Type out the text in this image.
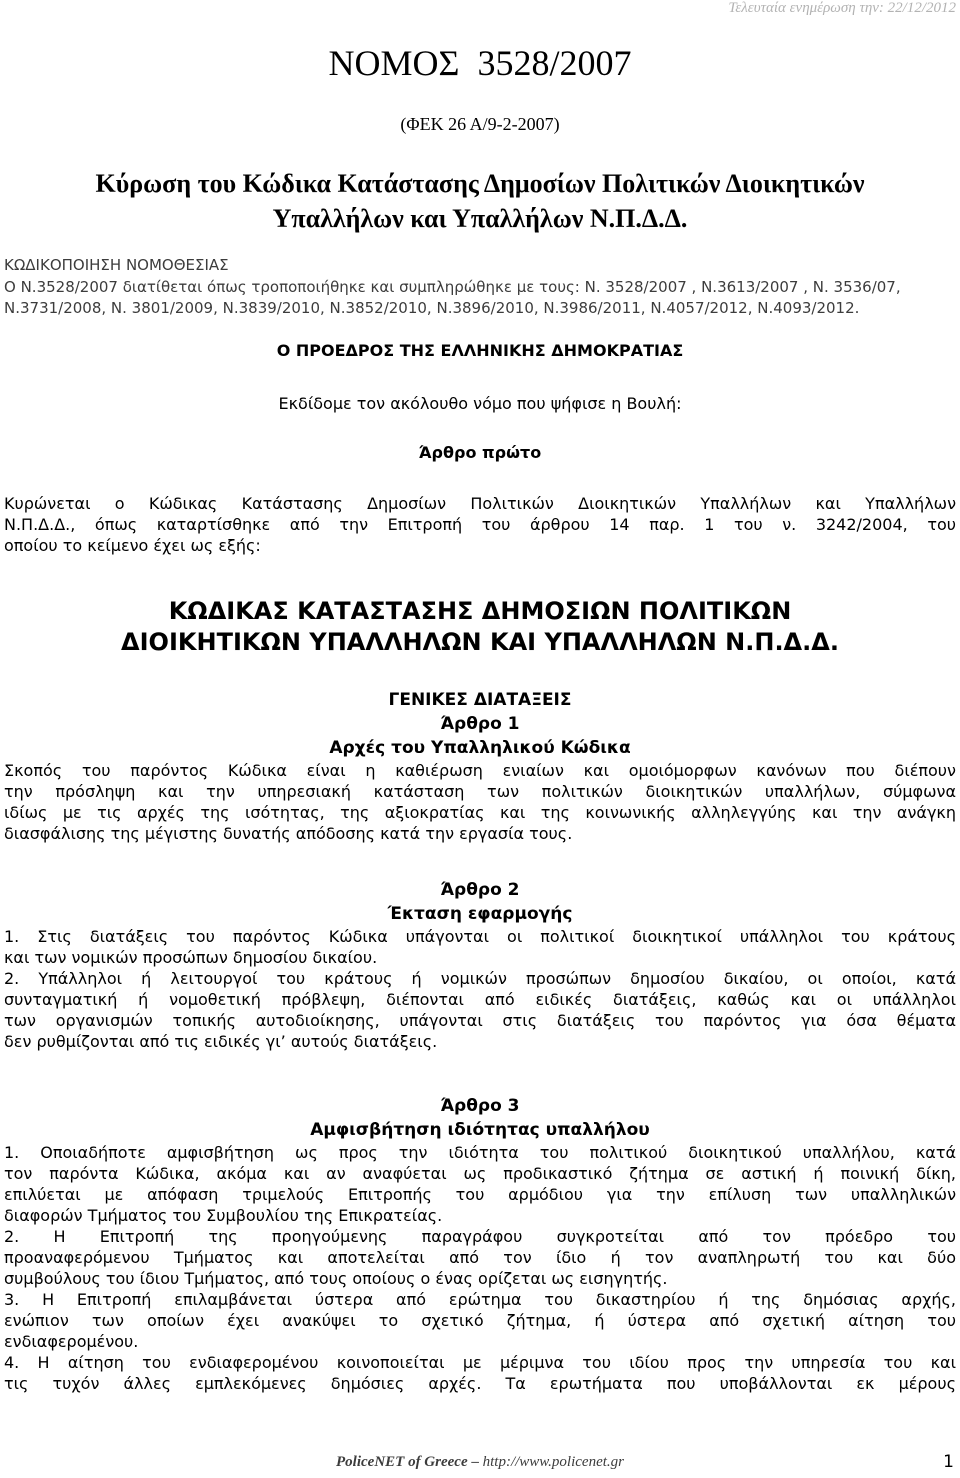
Τελευταία ενημέρωση την: 22/12/2012
ΝΟΜΟΣ  3528/2007
(ΦΕΚ 26 Α/9-2-2007)
Κύρωση του Κώδικα Κατάστασης Δημοσίων Πολιτικών Διοικητικών
Υπαλλήλων και Υπαλλήλων Ν.Π.Δ.Δ.
ΚΩΔΙΚΟΠΟΙΗΣΗ ΝΟΜΟΘΕΣΙΑΣ
Ο Ν.3528/2007 διατίθεται όπως τροποποιήθηκε και συμπληρώθηκε με τους: Ν. 3528/2007 , Ν.3613/2007 , Ν. 3536/07,
Ν.3731/2008, Ν. 3801/2009, Ν.3839/2010, Ν.3852/2010, Ν.3896/2010, Ν.3986/2011, Ν.4057/2012, Ν.4093/2012.
Ο ΠΡΟΕΔΡΟΣ ΤΗΣ ΕΛΛΗΝΙΚΗΣ ΔΗΜΟΚΡΑΤΙΑΣ
Εκδίδομε τον ακόλουθο νόμο που ψήφισε η Βουλή:
Άρθρο πρώτο
Κυρώνεται ο Κώδικας Κατάστασης Δημοσίων Πολιτικών Διοικητικών Υπαλλήλων και Υπαλλήλων
Ν.Π.Δ.Δ., όπως καταρτίσθηκε από την Επιτροπή του άρθρου 14 παρ. 1 του ν. 3242/2004, του
οποίου το κείμενο έχει ως εξής:
ΚΩΔΙΚΑΣ ΚΑΤΑΣΤΑΣΗΣ ΔΗΜΟΣΙΩΝ ΠΟΛΙΤΙΚΩΝ
ΔΙΟΙΚΗΤΙΚΩΝ ΥΠΑΛΛΗΛΩΝ ΚΑΙ ΥΠΑΛΛΗΛΩΝ Ν.Π.Δ.Δ.
ΓΕΝΙΚΕΣ ΔΙΑΤΑΞΕΙΣ
Άρθρο 1
Αρχές του Υπαλληλικού Κώδικα
Σκοπός του παρόντος Κώδικα είναι η καθιέρωση ενιαίων και ομοιόμορφων κανόνων που διέπουν
την πρόσληψη και την υπηρεσιακή κατάσταση των πολιτικών διοικητικών υπαλλήλων, σύμφωνα
ιδίως με τις αρχές της ισότητας, της αξιοκρατίας και της κοινωνικής αλληλεγγύης και την ανάγκη
διασφάλισης της μέγιστης δυνατής απόδοσης κατά την εργασία τους.
Άρθρο 2
Έκταση εφαρμογής
1. Στις διατάξεις του παρόντος Κώδικα υπάγονται οι πολιτικοί διοικητικοί υπάλληλοι του κράτους
και των νομικών προσώπων δημοσίου δικαίου.
2. Υπάλληλοι ή λειτουργοί του κράτους ή νομικών προσώπων δημοσίου δικαίου, οι οποίοι, κατά
συνταγματική ή νομοθετική πρόβλεψη, διέπονται από ειδικές διατάξεις, καθώς και οι υπάλληλοι
των οργανισμών τοπικής αυτοδιοίκησης, υπάγονται στις διατάξεις του παρόντος για όσα θέματα
δεν ρυθμίζονται από τις ειδικές γι’ αυτούς διατάξεις.
Άρθρο 3
Αμφισβήτηση ιδιότητας υπαλλήλου
1. Οποιαδήποτε αμφισβήτηση ως προς την ιδιότητα του πολιτικού διοικητικού υπαλλήλου, κατά
τον παρόντα Κώδικα, ακόμα και αν αναφύεται ως προδικαστικό ζήτημα σε αστική ή ποινική δίκη,
επιλύεται με απόφαση τριμελούς Επιτροπής του αρμόδιου για την επίλυση των υπαλληλικών
διαφορών Τμήματος του Συμβουλίου της Επικρατείας.
2. Η Επιτροπή της προηγούμενης παραγράφου συγκροτείται από τον πρόεδρο του
προαναφερόμενου Τμήματος και αποτελείται από τον ίδιο ή τον αναπληρωτή του και δύο
συμβούλους του ίδιου Τμήματος, από τους οποίους ο ένας ορίζεται ως εισηγητής.
3. Η Επιτροπή επιλαμβάνεται ύστερα από ερώτημα του δικαστηρίου ή της δημόσιας αρχής,
ενώπιον των οποίων έχει ανακύψει το σχετικό ζήτημα, ή ύστερα από σχετική αίτηση του
ενδιαφερομένου.
4. Η αίτηση του ενδιαφερομένου κοινοποιείται με μέριμνα του ιδίου προς την υπηρεσία του και
τις τυχόν άλλες εμπλεκόμενες δημόσιες αρχές. Τα ερωτήματα που υποβάλλονται εκ μέρους
PoliceNET of Greece – http://www.policenet.gr	1
